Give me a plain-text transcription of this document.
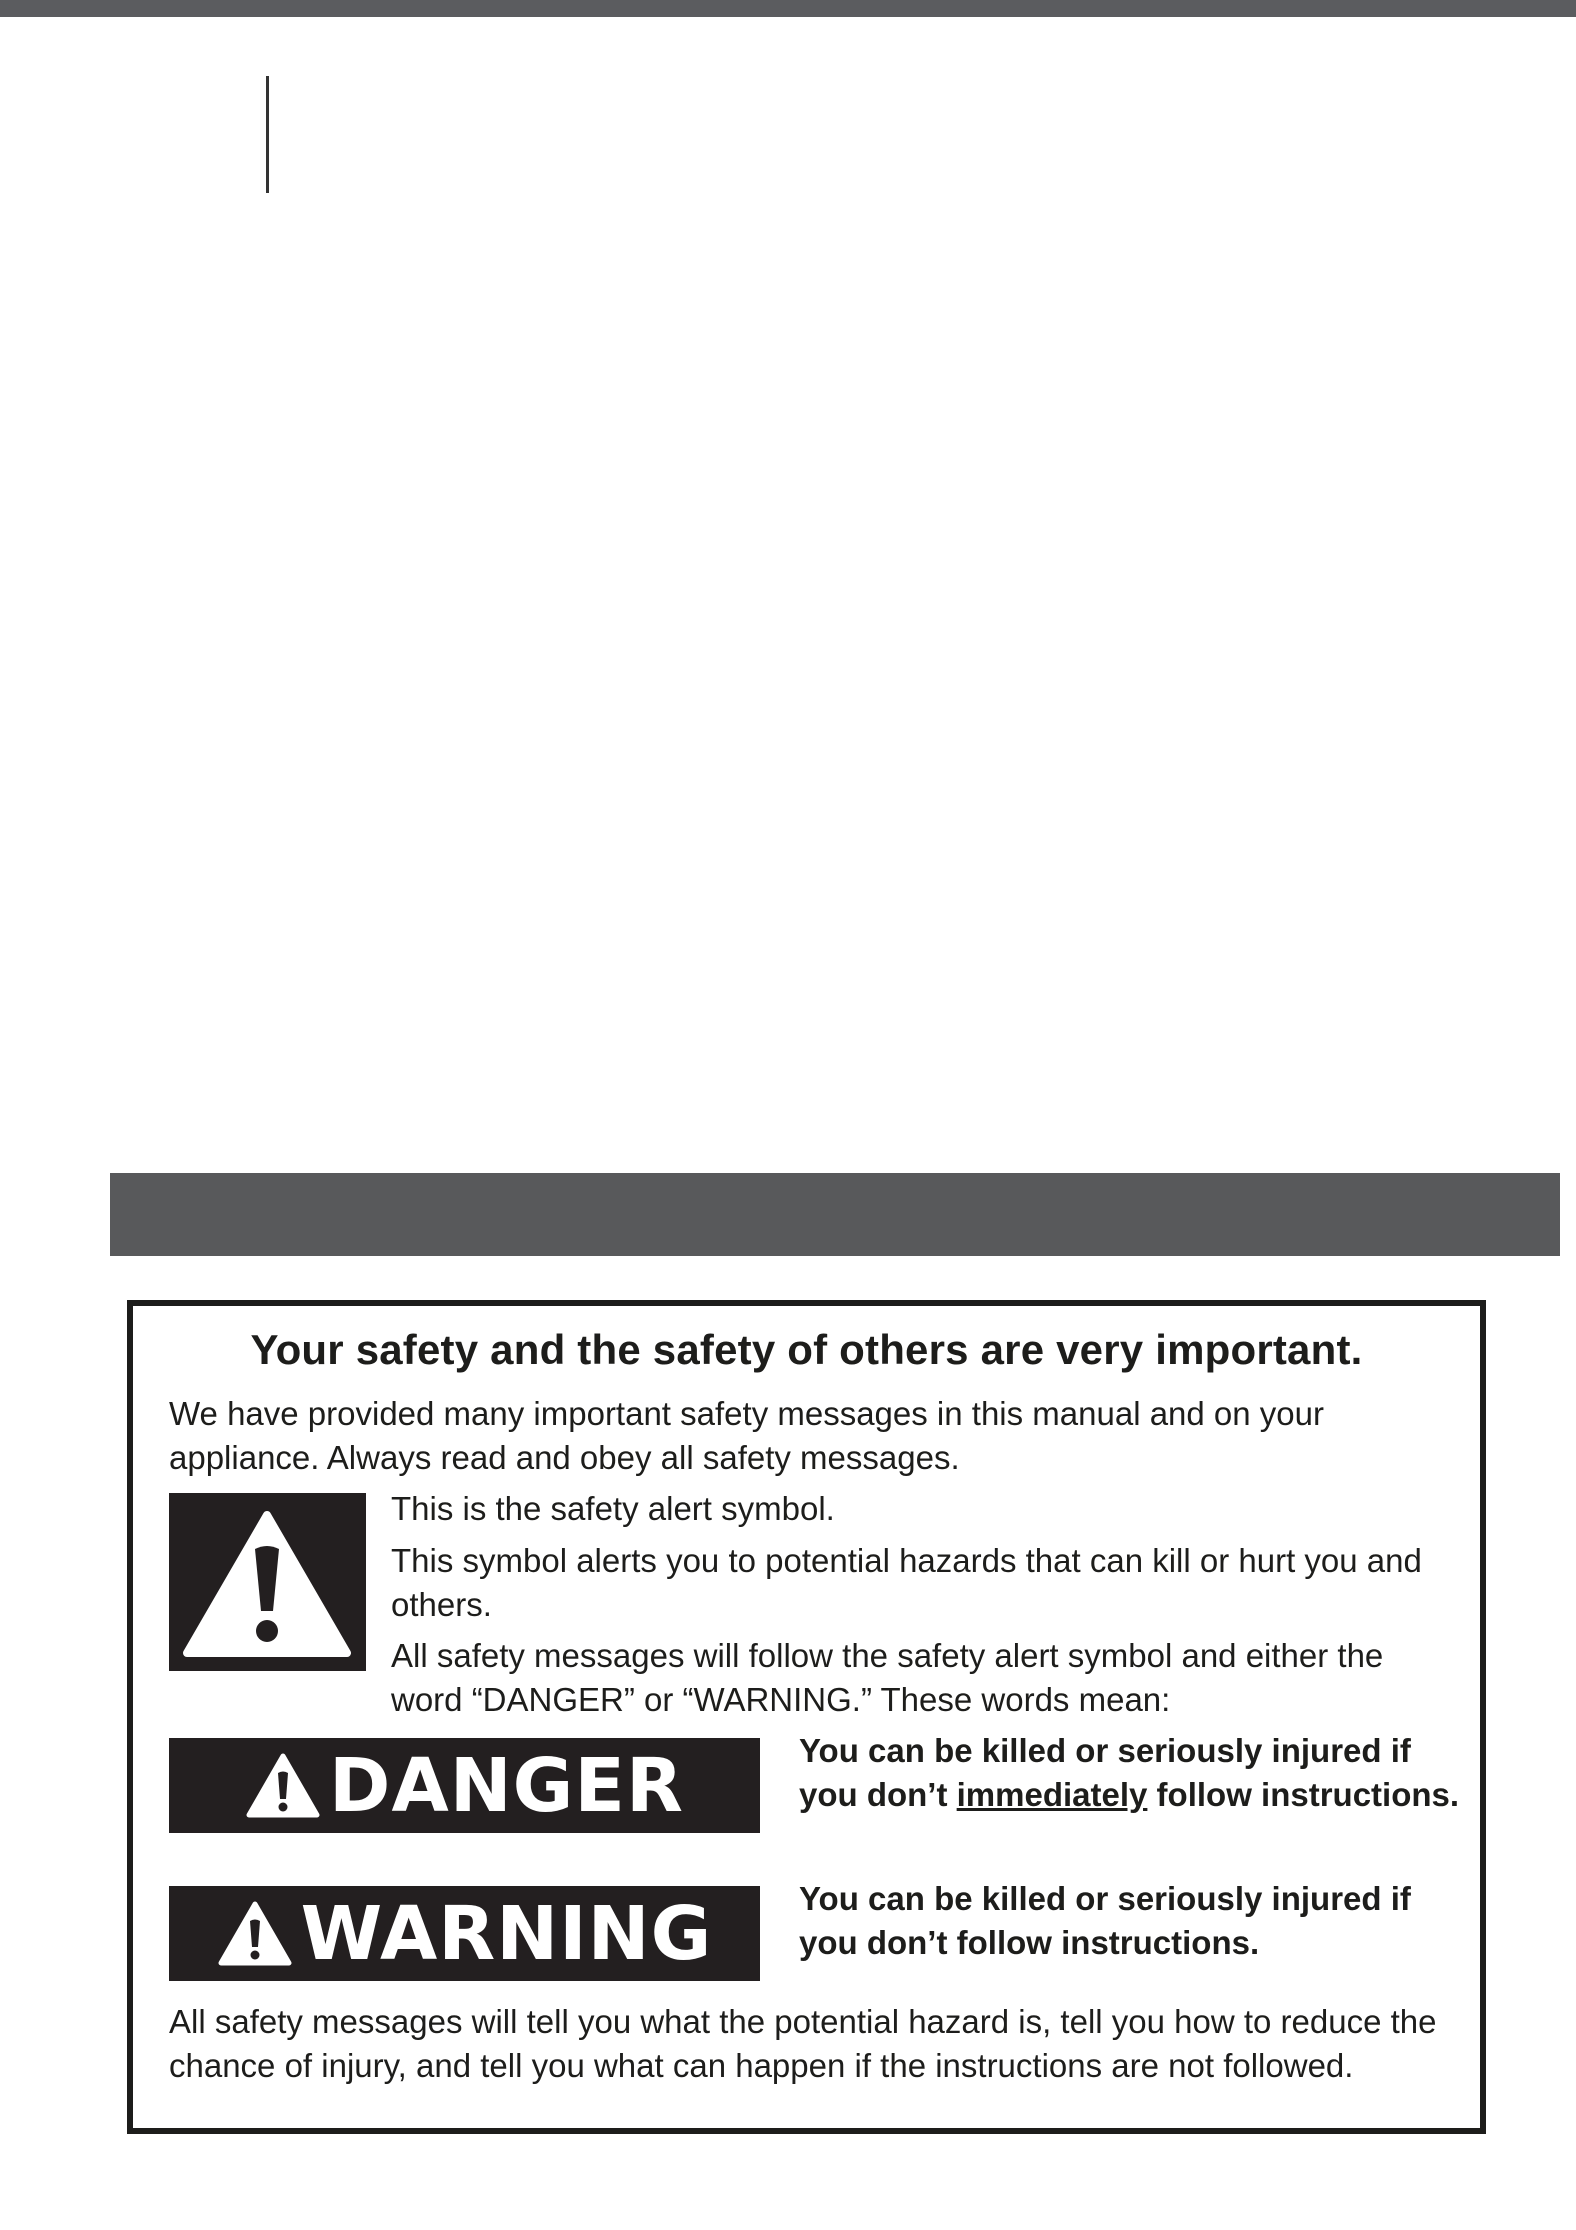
Your safety and the safety of others are very important.
We have provided many important safety messages in this manual and on your appliance. Always read and obey all safety messages.
This is the safety alert symbol.
This symbol alerts you to potential hazards that can kill or hurt you and others.
All safety messages will follow the safety alert symbol and either the word “DANGER” or “WARNING.” These words mean:
DANGER	You can be killed or seriously injured if you don’t immediately follow instructions.
WARNING	You can be killed or seriously injured if you don’t follow instructions.
All safety messages will tell you what the potential hazard is, tell you how to reduce the chance of injury, and tell you what can happen if the instructions are not followed.
